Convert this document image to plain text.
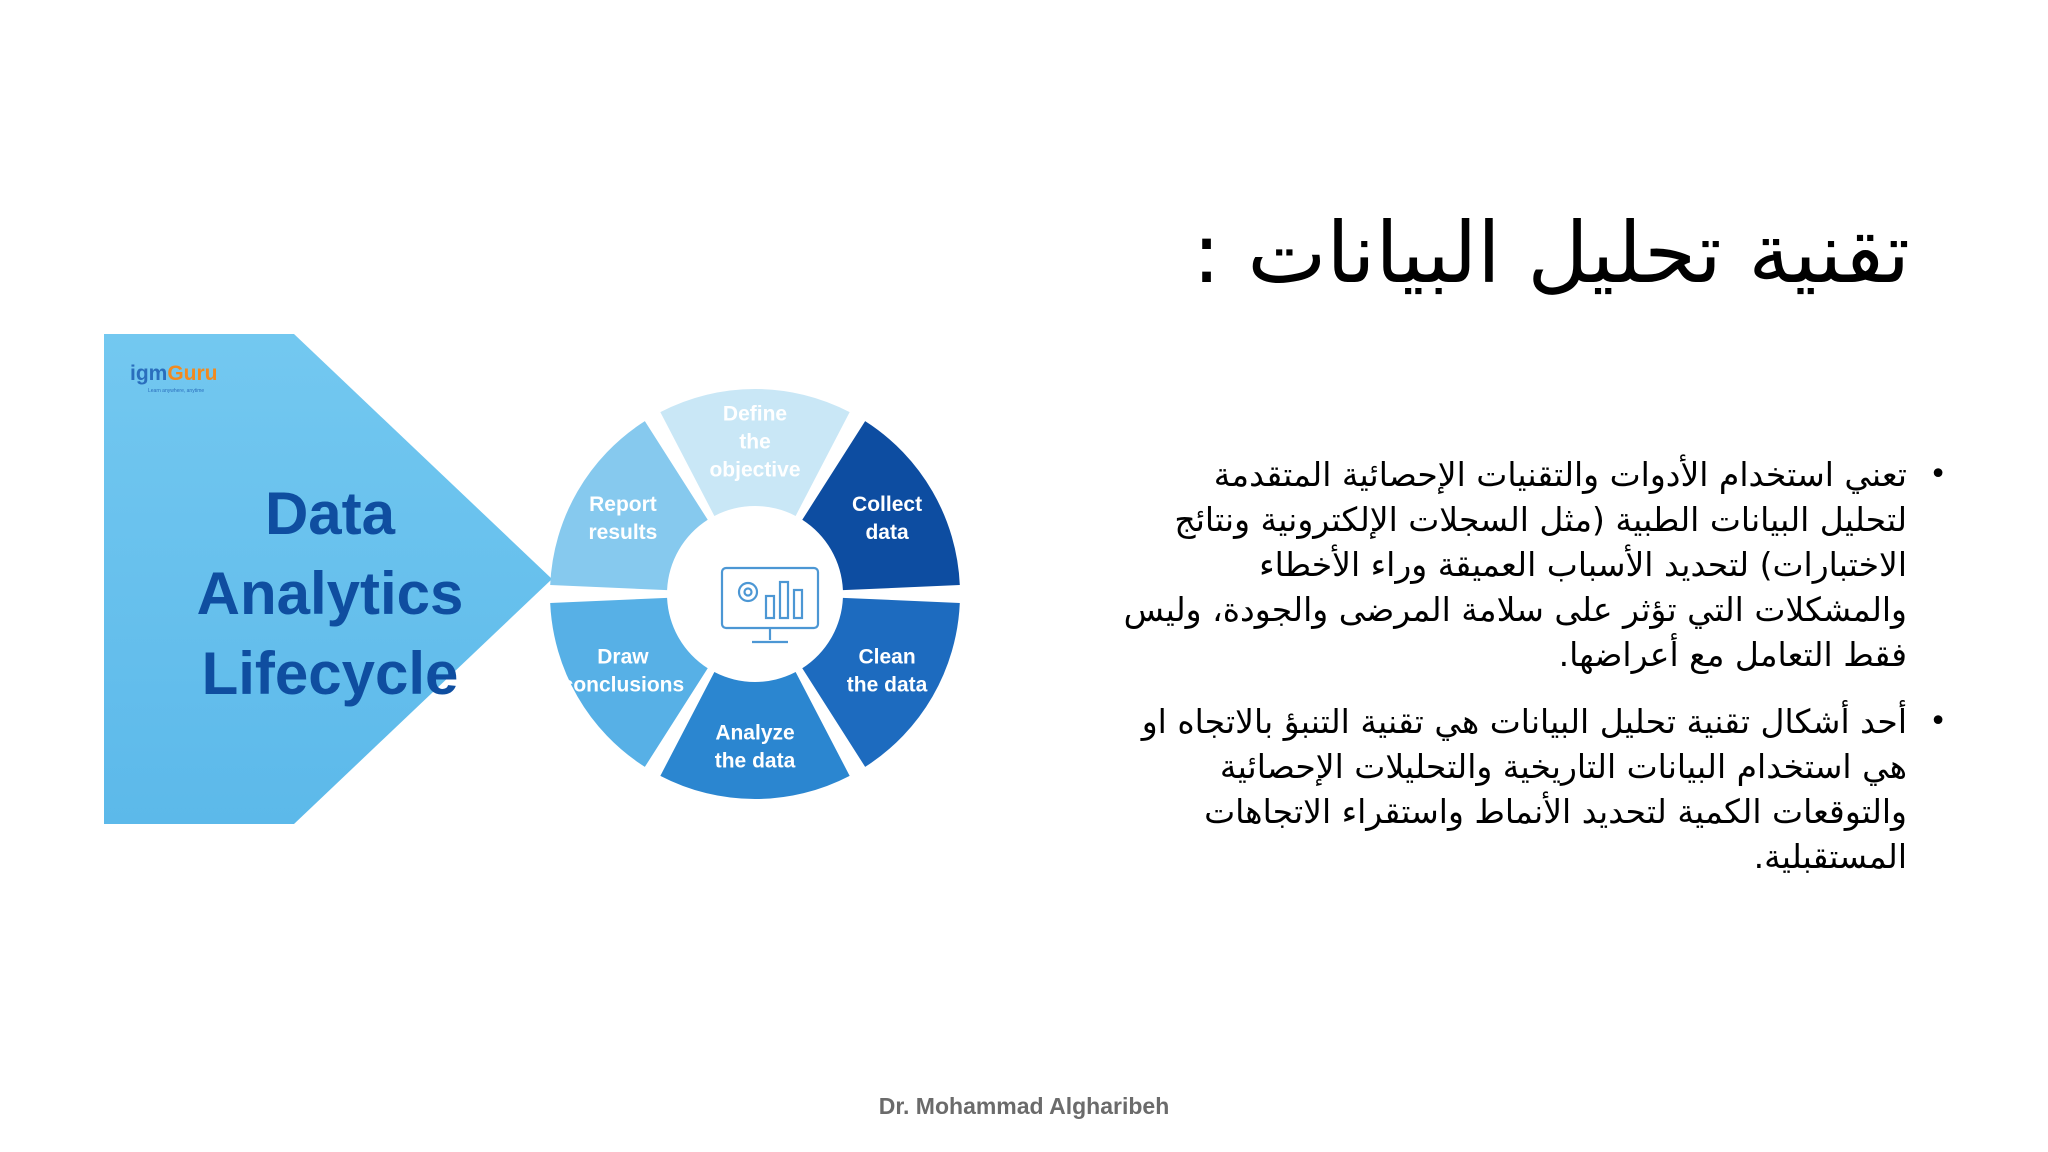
تقنية تحليل البيانات :
•
تعني استخدام الأدوات والتقنيات الإحصائية المتقدمة لتحليل البيانات الطبية (مثل السجلات الإلكترونية ونتائج الاختبارات) لتحديد الأسباب العميقة وراء الأخطاء والمشكلات التي تؤثر على سلامة المرضى والجودة، وليس فقط التعامل مع أعراضها.
•
أحد أشكال تقنية تحليل البيانات هي تقنية التنبؤ بالاتجاه او هي استخدام البيانات التاريخية والتحليلات الإحصائية والتوقعات الكمية لتحديد الأنماط واستقراء الاتجاهات المستقبلية.
igmGuru
Learn anywhere, anytime
Data
Analytics
Lifecycle
Define the objective
Collect data
Clean the data
Analyze the data
Draw conclusions
Report results
Dr. Mohammad Algharibeh
